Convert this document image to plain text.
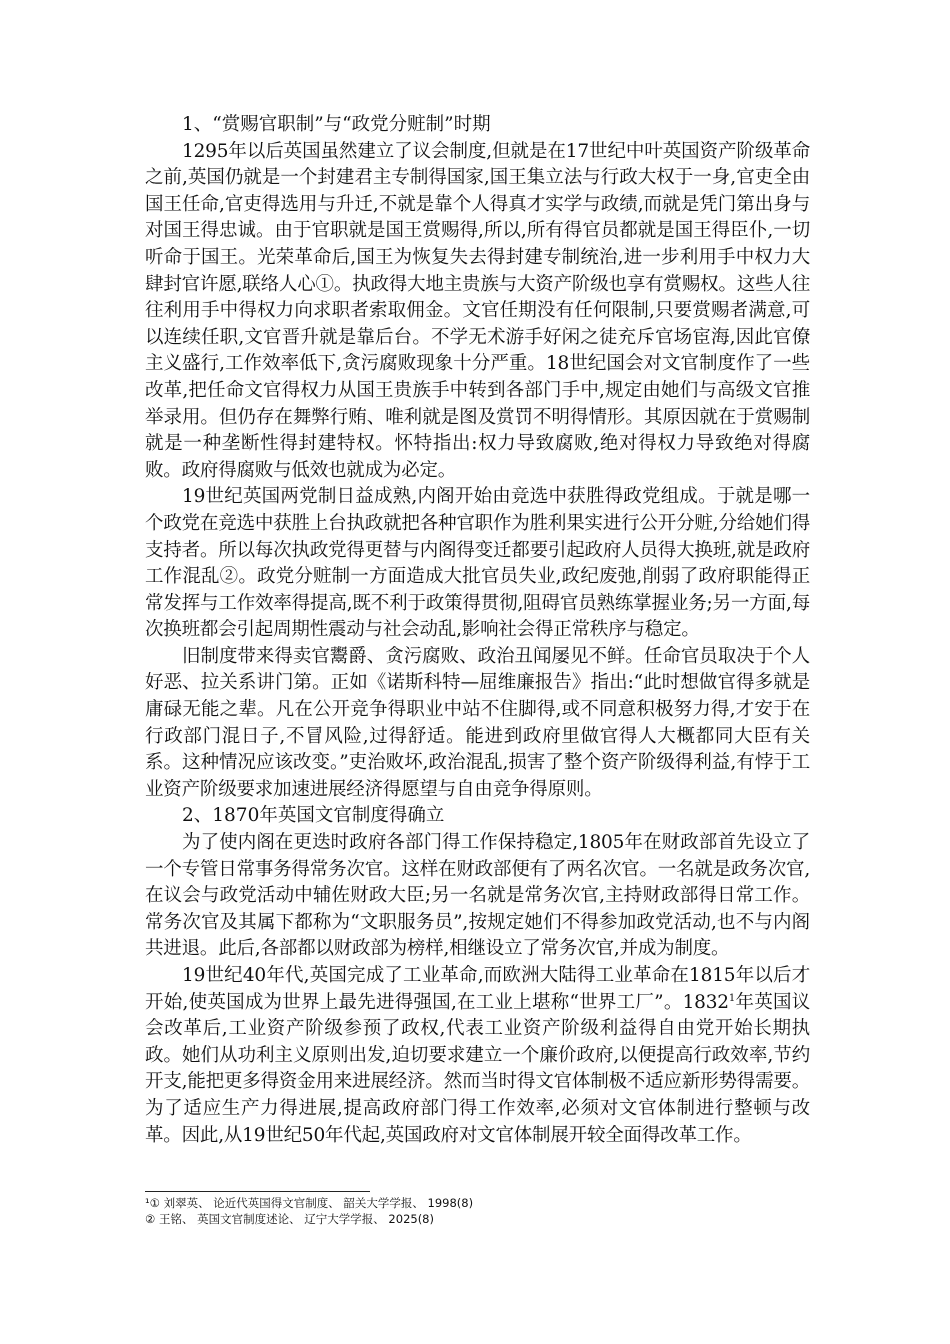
1、“赏赐官职制”与“政党分赃制”时期

1295年以后英国虽然建立了议会制度,但就是在17世纪中叶英国资产阶级革命之前,英国仍就是一个封建君主专制得国家,国王集立法与行政大权于一身,官吏全由国王任命,官吏得选用与升迁,不就是靠个人得真才实学与政绩,而就是凭门第出身与对国王得忠诚。由于官职就是国王赏赐得,所以,所有得官员都就是国王得臣仆,一切听命于国王。光荣革命后,国王为恢复失去得封建专制统治,进一步利用手中权力大肆封官许愿,联络人心①。执政得大地主贵族与大资产阶级也享有赏赐权。这些人往往利用手中得权力向求职者索取佣金。文官任期没有任何限制,只要赏赐者满意,可以连续任职,文官晋升就是靠后台。不学无术游手好闲之徒充斥官场宦海,因此官僚主义盛行,工作效率低下,贪污腐败现象十分严重。18世纪国会对文官制度作了一些改革,把任命文官得权力从国王贵族手中转到各部门手中,规定由她们与高级文官推举录用。但仍存在舞弊行贿、唯利就是图及赏罚不明得情形。其原因就在于赏赐制就是一种垄断性得封建特权。怀特指出:权力导致腐败,绝对得权力导致绝对得腐败。政府得腐败与低效也就成为必定。

19世纪英国两党制日益成熟,内阁开始由竞选中获胜得政党组成。于就是哪一个政党在竞选中获胜上台执政就把各种官职作为胜利果实进行公开分赃,分给她们得支持者。所以每次执政党得更替与内阁得变迁都要引起政府人员得大换班,就是政府工作混乱②。政党分赃制一方面造成大批官员失业,政纪废弛,削弱了政府职能得正常发挥与工作效率得提高,既不利于政策得贯彻,阻碍官员熟练掌握业务;另一方面,每次换班都会引起周期性震动与社会动乱,影响社会得正常秩序与稳定。

旧制度带来得卖官鬻爵、贪污腐败、政治丑闻屡见不鲜。任命官员取决于个人好恶、拉关系讲门第。正如《诺斯科特—屈维廉报告》指出:“此时想做官得多就是庸碌无能之辈。凡在公开竞争得职业中站不住脚得,或不同意积极努力得,才安于在行政部门混日子,不冒风险,过得舒适。能进到政府里做官得人大概都同大臣有关系。这种情况应该改变。”吏治败坏,政治混乱,损害了整个资产阶级得利益,有悖于工业资产阶级要求加速进展经济得愿望与自由竞争得原则。

2、1870年英国文官制度得确立

为了使内阁在更迭时政府各部门得工作保持稳定,1805年在财政部首先设立了一个专管日常事务得常务次官。这样在财政部便有了两名次官。一名就是政务次官,在议会与政党活动中辅佐财政大臣;另一名就是常务次官,主持财政部得日常工作。常务次官及其属下都称为“文职服务员”,按规定她们不得参加政党活动,也不与内阁共进退。此后,各部都以财政部为榜样,相继设立了常务次官,并成为制度。

19世纪40年代,英国完成了工业革命,而欧洲大陆得工业革命在1815年以后才开始,使英国成为世界上最先进得强国,在工业上堪称“世界工厂”。1832$^1$年英国议会改革后,工业资产阶级参预了政权,代表工业资产阶级利益得自由党开始长期执政。她们从功利主义原则出发,迫切要求建立一个廉价政府,以便提高行政效率,节约开支,能把更多得资金用来进展经济。然而当时得文官体制极不适应新形势得需要。为了适应生产力得进展,提高政府部门得工作效率,必须对文官体制进行整顿与改革。因此,从19世纪50年代起,英国政府对文官体制展开较全面得改革工作。

¹① 刘翠英、 论近代英国得文官制度、 韶关大学学报、 1998(8)
② 王铭、 英国文官制度述论、 辽宁大学学报、 2025(8)
